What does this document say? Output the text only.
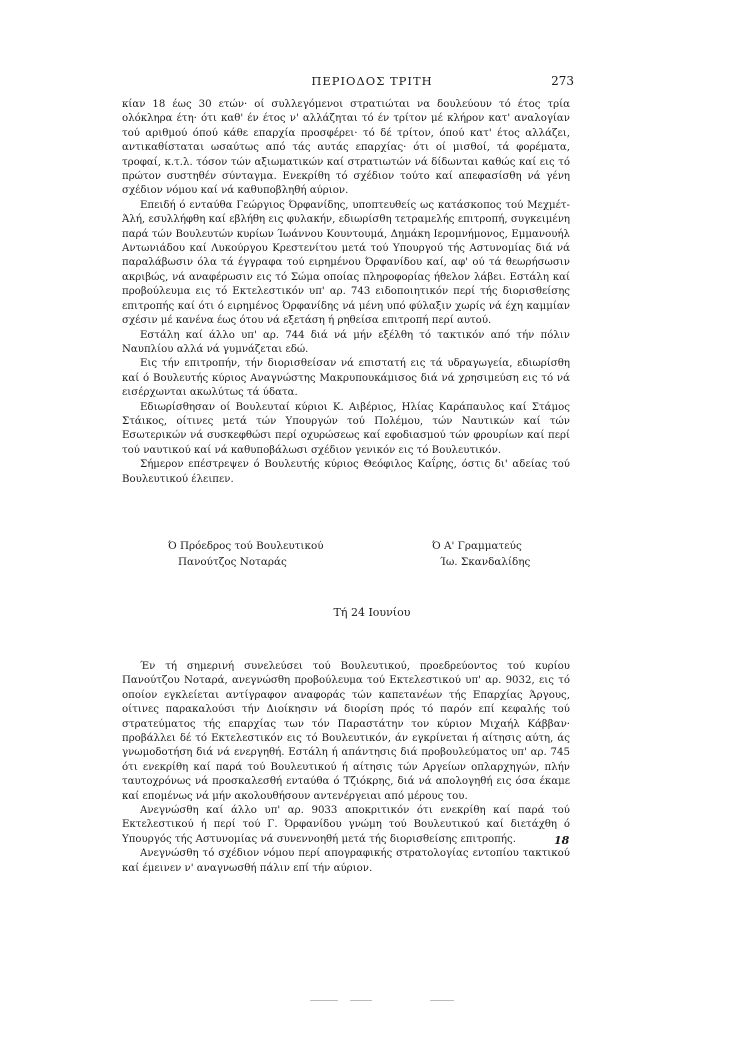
ΠΕΡΙΟΔΟΣ ΤΡΙΤΗ	273

κίαν 18 έως 30 ετών· οί συλλεγόμενοι στρατιώται να δουλεύουν τό έτος τρία ολόκληρα έτη· ότι καθ' έν έτος ν' αλλάζηται τό έν τρίτον μέ κλήρον κατ' αναλογίαν τού αριθμού όπού κάθε επαρχία προσφέρει· τό δέ τρίτον, όπού κατ' έτος αλλάζει, αντικαθίσταται ωσαύτως από τάς αυτάς επαρχίας· ότι οί μισθοί, τά φορέματα, τροφαί, κ.τ.λ. τόσον τών αξιωματικών καί στρατιωτών νά δίδωνται καθώς καί εις τό πρώτον συστηθέν σύνταγμα. Ενεκρίθη τό σχέδιον τούτο καί απεφασίσθη νά γένη σχέδιον νόμου καί νά καθυποβληθή αύριον.

Επειδή ό ενταύθα Γεώργιος Όρφανίδης, υποπτευθείς ως κατάσκοπος τού Μεχμέτ-Άλή, εσυλλήφθη καί εβλήθη εις φυλακήν, εδιωρίσθη τετραμελής επιτροπή, συγκειμένη παρά τών Βουλευτών κυρίων Ίωάννου Κουντουμά, Δημάκη Ιερομνήμονος, Εμμανουήλ Αντωνιάδου καί Λυκούργου Κρεστενίτου μετά τού Υπουργού τής Αστυνομίας διά νά παραλάβωσιν όλα τά έγγραφα τού ειρημένου Όρφανίδου καί, αφ' ού τά θεωρήσωσιν ακριβώς, νά αναφέρωσιν εις τό Σώμα οποίας πληροφορίας ήθελον λάβει. Εστάλη καί προβούλευμα εις τό Εκτελεστικόν υπ' αρ. 743 ειδοποιητικόν περί τής διορισθείσης επιτροπής καί ότι ό ειρημένος Όρφανίδης νά μένη υπό φύλαξιν χωρίς νά έχη καμμίαν σχέσιν μέ κανένα έως ότου νά εξετάση ή ρηθείσα επιτροπή περί αυτού.

Εστάλη καί άλλο υπ' αρ. 744 διά νά μήν εξέλθη τό τακτικόν από τήν πόλιν Ναυπλίου αλλά νά γυμνάζεται εδώ.

Εις τήν επιτροπήν, τήν διορισθείσαν νά επιστατή εις τά υδραγωγεία, εδιωρίσθη καί ό Βουλευτής κύριος Αναγνώστης Μακρυπουκάμισος διά νά χρησιμεύση εις τό νά εισέρχωνται ακωλύτως τά ύδατα.

Εδιωρίσθησαν οί Βουλευταί κύριοι Κ. Αιβέριος, Ηλίας Καράπαυλος καί Στάμος Στάικος, οίτινες μετά τών Υπουργών τού Πολέμου, τών Ναυτικών καί τών Εσωτερικών νά συσκεφθώσι περί οχυρώσεως καί εφοδιασμού τών φρουρίων καί περί τού ναυτικού καί νά καθυποβάλωσι σχέδιον γενικόν εις τό Βουλευτικόν.

Σήμερον επέστρεψεν ό Βουλευτής κύριος Θεόφιλος Καΐρης, όστις δι' αδείας τού Βουλευτικού έλειπεν.

Ό Πρόεδρος τού Βουλευτικού
Πανούτζος Νοταράς
Ό Α' Γραμματεύς
Ίω. Σκανδαλίδης
Τή 24 Ιουνίου

Έν τή σημερινή συνελεύσει τού Βουλευτικού, προεδρεύοντος τού κυρίου Πανούτζου Νοταρά, ανεγνώσθη προβούλευμα τού Εκτελεστικού υπ' αρ. 9032, εις τό οποίον εγκλείεται αντίγραφον αναφοράς τών καπετανέων τής Επαρχίας Άργους, οίτινες παρακαλούσι τήν Διοίκησιν νά διορίση πρός τό παρόν επί κεφαλής τού στρατεύματος τής επαρχίας των τόν Παραστάτην τον κύριον Μιχαήλ Κάββαν· προβάλλει δέ τό Εκτελεστικόν εις τό Βουλευτικόν, άν εγκρίνεται ή αίτησις αύτη, άς γνωμοδοτήση διά νά ενεργηθή. Εστάλη ή απάντησις διά προβουλεύματος υπ' αρ. 745 ότι ενεκρίθη καί παρά τού Βουλευτικού ή αίτησις τών Αργείων οπλαρχηγών, πλήν ταυτοχρόνως νά προσκαλεσθή ενταύθα ό Τζιόκρης, διά νά απολογηθή εις όσα έκαμε καί επομένως νά μήν ακολουθήσουν αντενέργειαι από μέρους του.

Ανεγνώσθη καί άλλο υπ' αρ. 9033 αποκριτικόν ότι ενεκρίθη καί παρά τού Εκτελεστικού ή περί τού Γ. Όρφανίδου γνώμη τού Βουλευτικού καί διετάχθη ό Υπουργός τής Αστυνομίας νά συνεννοηθή μετά τής διορισθείσης επιτροπής.

Ανεγνώσθη τό σχέδιον νόμου περί απογραφικής στρατολογίας εντοπίου τακτικού καί έμεινεν ν' αναγνωσθή πάλιν επί τήν αύριον.

18
